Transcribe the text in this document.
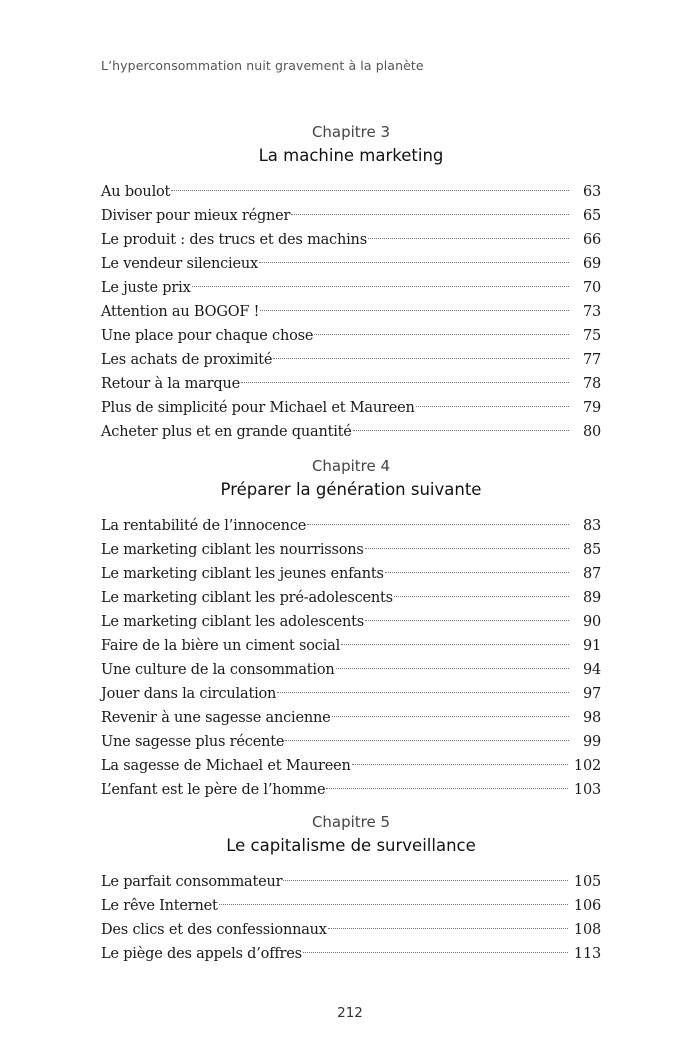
L’hyperconsommation nuit gravement à la planète
Chapitre 3
La machine marketing
Au boulot	63
Diviser pour mieux régner	65
Le produit : des trucs et des machins	66
Le vendeur silencieux	69
Le juste prix	70
Attention au BOGOF !	73
Une place pour chaque chose	75
Les achats de proximité	77
Retour à la marque	78
Plus de simplicité pour Michael et Maureen	79
Acheter plus et en grande quantité	80
Chapitre 4
Préparer la génération suivante
La rentabilité de l’innocence	83
Le marketing ciblant les nourrissons	85
Le marketing ciblant les jeunes enfants	87
Le marketing ciblant les pré-adolescents	89
Le marketing ciblant les adolescents	90
Faire de la bière un ciment social	91
Une culture de la consommation	94
Jouer dans la circulation	97
Revenir à une sagesse ancienne	98
Une sagesse plus récente	99
La sagesse de Michael et Maureen	102
L’enfant est le père de l’homme	103
Chapitre 5
Le capitalisme de surveillance
Le parfait consommateur	105
Le rêve Internet	106
Des clics et des confessionnaux	108
Le piège des appels d’offres	113
212
